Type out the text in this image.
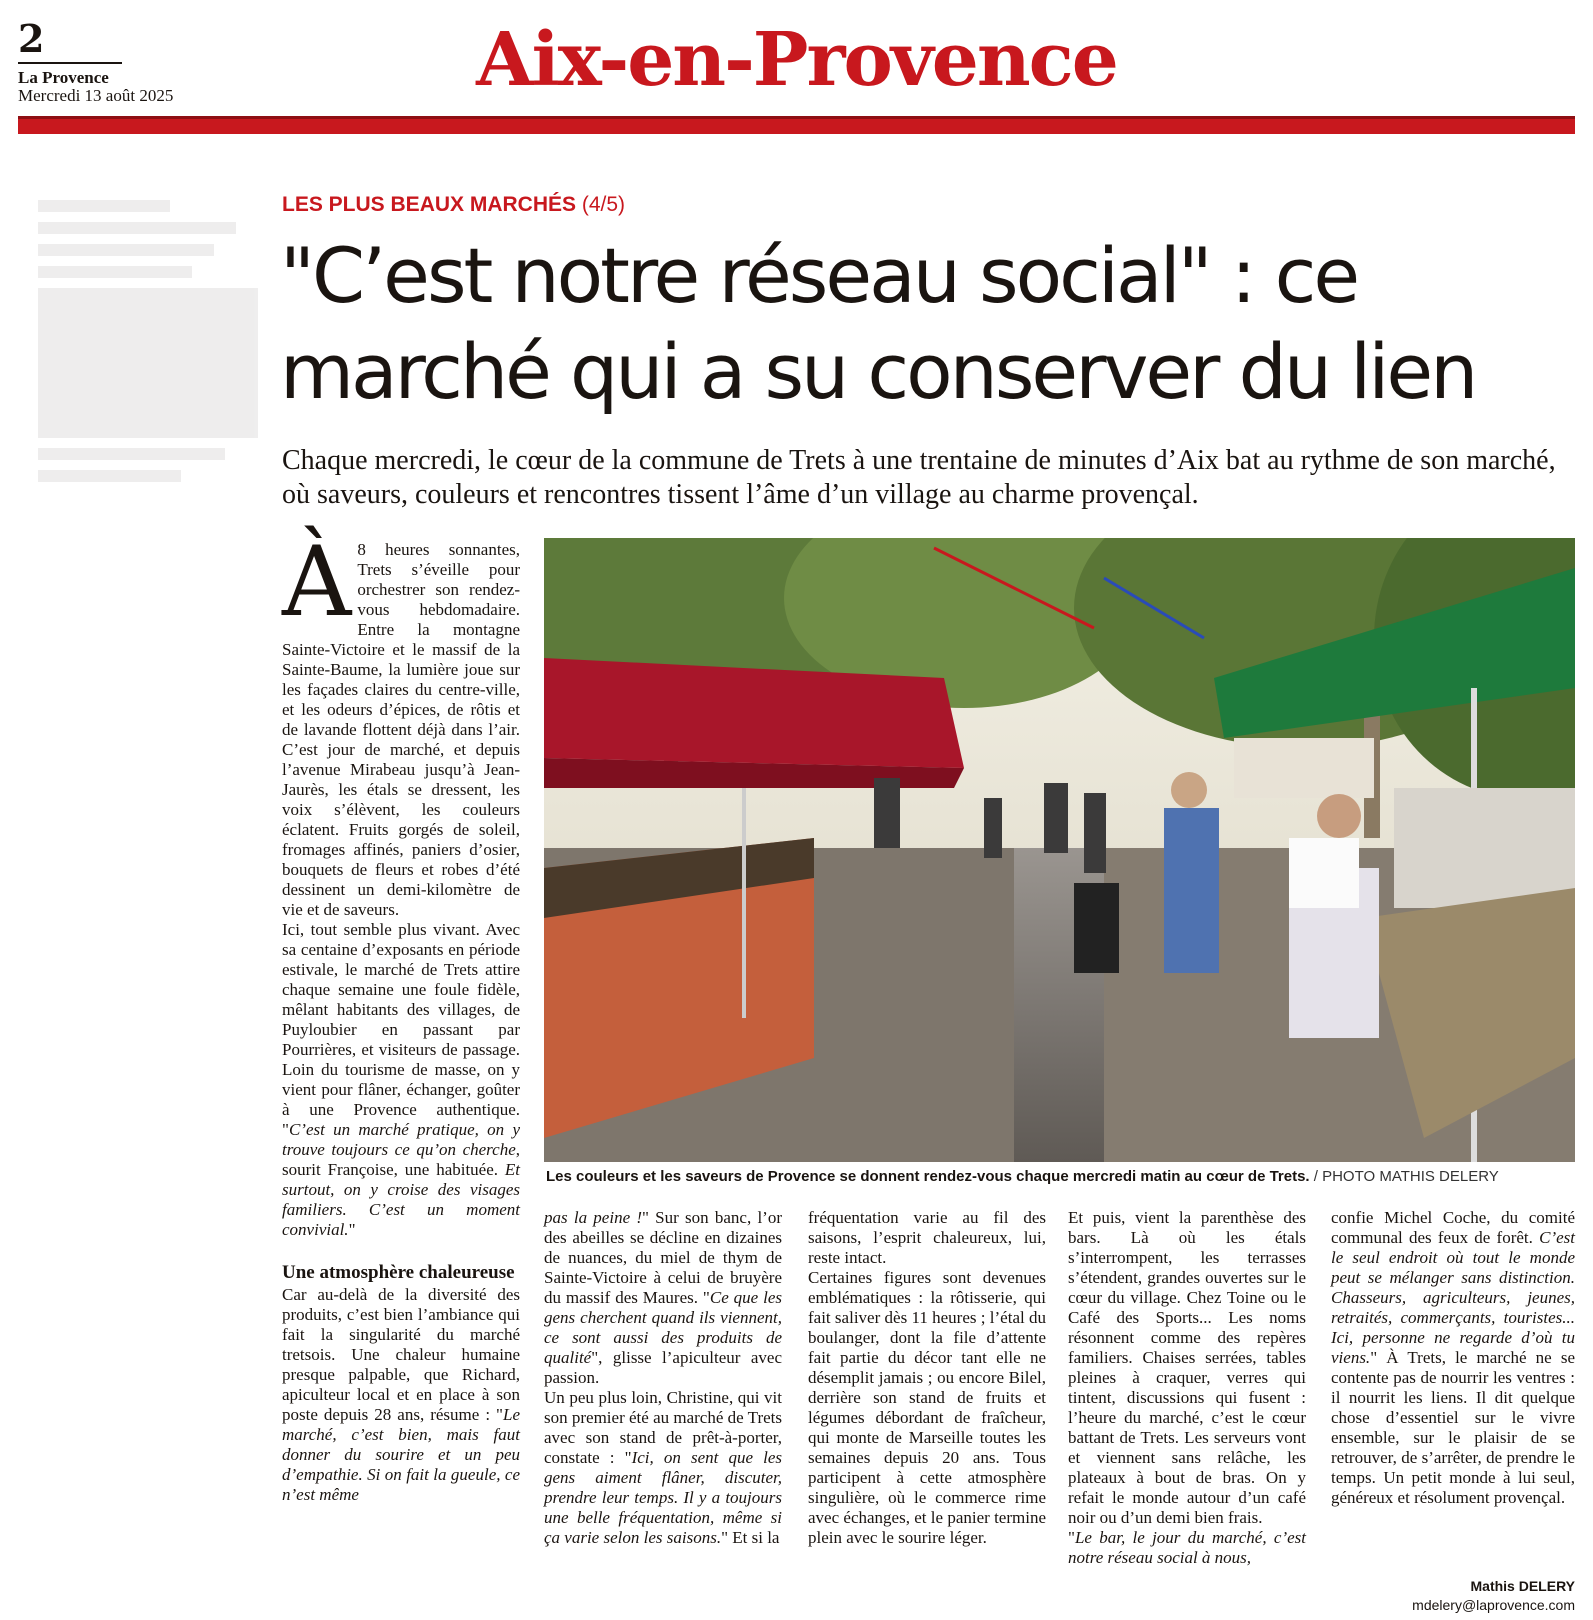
2
La Provence
Mercredi 13 août 2025	Aix-en-Provence
LES PLUS BEAUX MARCHÉS (4/5)
"C’est notre réseau social" : ce marché qui a su conserver du lien

Chaque mercredi, le cœur de la commune de Trets à une trentaine de minutes d’Aix bat au rythme de son marché, où saveurs, couleurs et rencontres tissent l’âme d’un village au charme provençal.

À 8 heures sonnantes, Trets s’éveille pour orchestrer son rendez-vous hebdomadaire. Entre la montagne Sainte-Victoire et le massif de la Sainte-Baume, la lumière joue sur les façades claires du centre-ville, et les odeurs d’épices, de rôtis et de lavande flottent déjà dans l’air. C’est jour de marché, et depuis l’avenue Mirabeau jusqu’à Jean-Jaurès, les étals se dressent, les voix s’élèvent, les couleurs éclatent. Fruits gorgés de soleil, fromages affinés, paniers d’osier, bouquets de fleurs et robes d’été dessinent un demi-kilomètre de vie et de saveurs.

Ici, tout semble plus vivant. Avec sa centaine d’exposants en période estivale, le marché de Trets attire chaque semaine une foule fidèle, mêlant habitants des villages, de Puyloubier en passant par Pourrières, et visiteurs de passage. Loin du tourisme de masse, on y vient pour flâner, échanger, goûter à une Provence authentique. "C’est un marché pratique, on y trouve toujours ce qu’on cherche, sourit Françoise, une habituée. Et surtout, on y croise des visages familiers. C’est un moment convivial."

Une atmosphère chaleureuse

Car au-delà de la diversité des produits, c’est bien l’ambiance qui fait la singularité du marché tretsois. Une chaleur humaine presque palpable, que Richard, apiculteur local et en place à son poste depuis 28 ans, résume : "Le marché, c’est bien, mais faut donner du sourire et un peu d’empathie. Si on fait la gueule, ce n’est même

pas la peine !" Sur son banc, l’or des abeilles se décline en dizaines de nuances, du miel de thym de Sainte-Victoire à celui de bruyère du massif des Maures. "Ce que les gens cherchent quand ils viennent, ce sont aussi des produits de qualité", glisse l’apiculteur avec passion.

Un peu plus loin, Christine, qui vit son premier été au marché de Trets avec son stand de prêt-à-porter, constate : "Ici, on sent que les gens aiment flâner, discuter, prendre leur temps. Il y a toujours une belle fréquentation, même si ça varie selon les saisons." Et si la

fréquentation varie au fil des saisons, l’esprit chaleureux, lui, reste intact.

Certaines figures sont devenues emblématiques : la rôtisserie, qui fait saliver dès 11 heures ; l’étal du boulanger, dont la file d’attente fait partie du décor tant elle ne désemplit jamais ; ou encore Bilel, derrière son stand de fruits et légumes débordant de fraîcheur, qui monte de Marseille toutes les semaines depuis 20 ans. Tous participent à cette atmosphère singulière, où le commerce rime avec échanges, et le panier termine plein avec le sourire léger.

Et puis, vient la parenthèse des bars. Là où les étals s’interrompent, les terrasses s’étendent, grandes ouvertes sur le cœur du village. Chez Toine ou le Café des Sports... Les noms résonnent comme des repères familiers. Chaises serrées, tables pleines à craquer, verres qui tintent, discussions qui fusent : l’heure du marché, c’est le cœur battant de Trets. Les serveurs vont et viennent sans relâche, les plateaux à bout de bras. On y refait le monde autour d’un café noir ou d’un demi bien frais.

"Le bar, le jour du marché, c’est notre réseau social à nous,

confie Michel Coche, du comité communal des feux de forêt. C’est le seul endroit où tout le monde peut se mélanger sans distinction. Chasseurs, agriculteurs, jeunes, retraités, commerçants, touristes... Ici, personne ne regarde d’où tu viens." À Trets, le marché ne se contente pas de nourrir les ventres : il nourrit les liens. Il dit quelque chose d’essentiel sur le vivre ensemble, sur le plaisir de se retrouver, de s’arrêter, de prendre le temps. Un petit monde à lui seul, généreux et résolument provençal.

Mathis DELERY
mdelery@laprovence.com
Les couleurs et les saveurs de Provence se donnent rendez-vous chaque mercredi matin au cœur de Trets. / PHOTO MATHIS DELERY
